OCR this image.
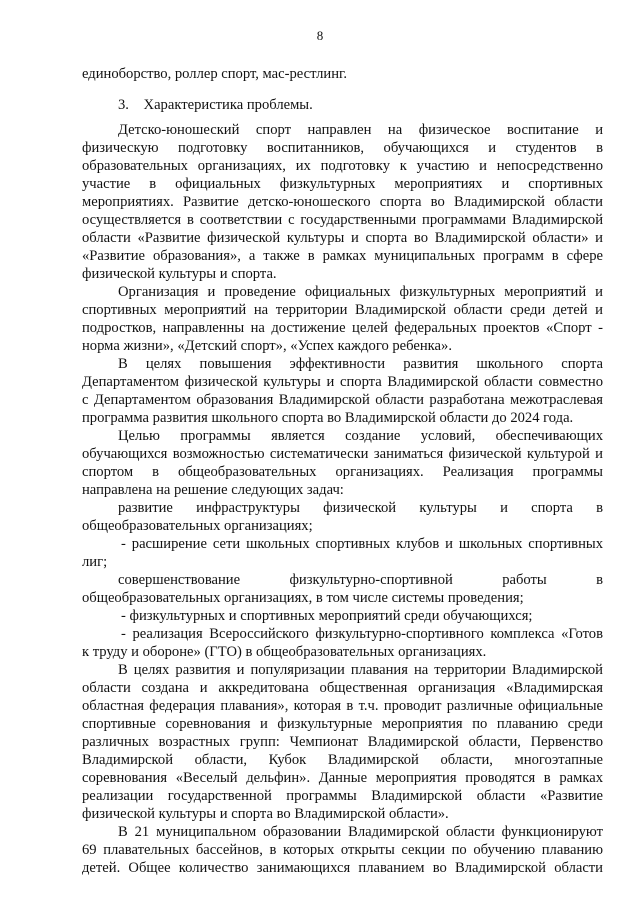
8
единоборство, роллер спорт, мас-рестлинг.
3.    Характеристика проблемы.
Детско-юношеский спорт направлен на физическое воспитание и
физическую подготовку воспитанников, обучающихся и студентов в
образовательных организациях, их подготовку к участию и непосредственно
участие в официальных физкультурных мероприятиях и спортивных
мероприятиях. Развитие детско-юношеского спорта во Владимирской области
осуществляется в соответствии с государственными программами Владимирской
области «Развитие физической культуры и спорта во Владимирской области» и
«Развитие образования», а также в рамках муниципальных программ в сфере
физической культуры и спорта.
Организация и проведение официальных физкультурных мероприятий и
спортивных мероприятий на территории Владимирской области среди детей и
подростков, направленны на достижение целей федеральных проектов «Спорт -
норма жизни», «Детский спорт», «Успех каждого ребенка».
В целях повышения эффективности развития школьного спорта
Департаментом физической культуры и спорта Владимирской области совместно
с Департаментом образования Владимирской области разработана межотраслевая
программа развития школьного спорта во Владимирской области до 2024 года.
Целью программы является создание условий, обеспечивающих
обучающихся возможностью систематически заниматься физической культурой и
спортом в общеобразовательных организациях. Реализация программы
направлена на решение следующих задач:
развитие инфраструктуры физической культуры и спорта в
общеобразовательных организациях;
- расширение сети школьных спортивных клубов и школьных спортивных
лиг;
совершенствование физкультурно-спортивной работы в
общеобразовательных организациях, в том числе системы проведения;
- физкультурных и спортивных мероприятий среди обучающихся;
- реализация Всероссийского физкультурно-спортивного комплекса «Готов
к труду и обороне» (ГТО) в общеобразовательных организациях.
В целях развития и популяризации плавания на территории Владимирской
области создана и аккредитована общественная организация «Владимирская
областная федерация плавания», которая в т.ч. проводит различные официальные
спортивные соревнования и физкультурные мероприятия по плаванию среди
различных возрастных групп: Чемпионат Владимирской области, Первенство
Владимирской области, Кубок Владимирской области, многоэтапные
соревнования «Веселый дельфин». Данные мероприятия проводятся в рамках
реализации государственной программы Владимирской области «Развитие
физической культуры и спорта во Владимирской области».
В 21 муниципальном образовании Владимирской области функционируют
69 плавательных бассейнов, в которых открыты секции по обучению плаванию
детей. Общее количество занимающихся плаванием во Владимирской области
